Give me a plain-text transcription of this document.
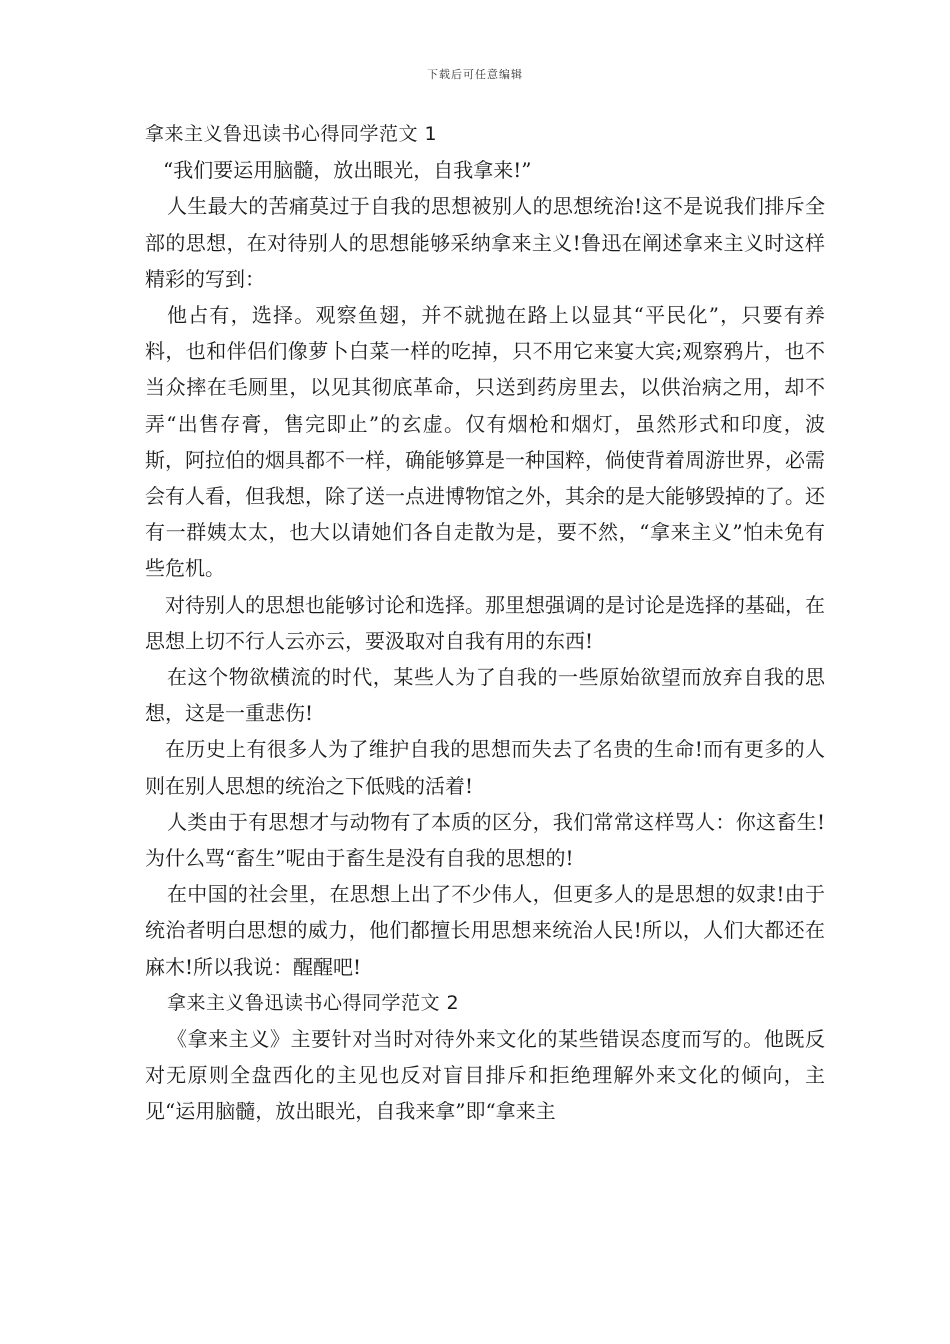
下载后可任意编辑

拿来主义鲁迅读书心得同学范文 1

“我们要运用脑髓，放出眼光，自我拿来!”

人生最大的苦痛莫过于自我的思想被别人的思想统治!这不是说我们排斥全部的思想，在对待别人的思想能够采纳拿来主义!鲁迅在阐述拿来主义时这样精彩的写到：

他占有，选择。观察鱼翅，并不就抛在路上以显其“平民化”，只要有养料，也和伴侣们像萝卜白菜一样的吃掉，只不用它来宴大宾;观察鸦片，也不当众摔在毛厕里，以见其彻底革命，只送到药房里去，以供治病之用，却不弄“出售存膏，售完即止”的玄虚。仅有烟枪和烟灯，虽然形式和印度，波斯，阿拉伯的烟具都不一样，确能够算是一种国粹，倘使背着周游世界，必需会有人看，但我想，除了送一点进博物馆之外，其余的是大能够毁掉的了。还有一群姨太太，也大以请她们各自走散为是，要不然，“拿来主义”怕未免有些危机。

对待别人的思想也能够讨论和选择。那里想强调的是讨论是选择的基础，在思想上切不行人云亦云，要汲取对自我有用的东西!

在这个物欲横流的时代，某些人为了自我的一些原始欲望而放弃自我的思想，这是一重悲伤!

在历史上有很多人为了维护自我的思想而失去了名贵的生命!而有更多的人则在别人思想的统治之下低贱的活着!

人类由于有思想才与动物有了本质的区分，我们常常这样骂人：你这畜生!为什么骂“畜生”呢由于畜生是没有自我的思想的!

在中国的社会里，在思想上出了不少伟人，但更多人的是思想的奴隶!由于统治者明白思想的威力，他们都擅长用思想来统治人民!所以，人们大都还在麻木!所以我说：醒醒吧!

拿来主义鲁迅读书心得同学范文 2

《拿来主义》主要针对当时对待外来文化的某些错误态度而写的。他既反对无原则全盘西化的主见也反对盲目排斥和拒绝理解外来文化的倾向，主见“运用脑髓，放出眼光，自我来拿”即“拿来主
